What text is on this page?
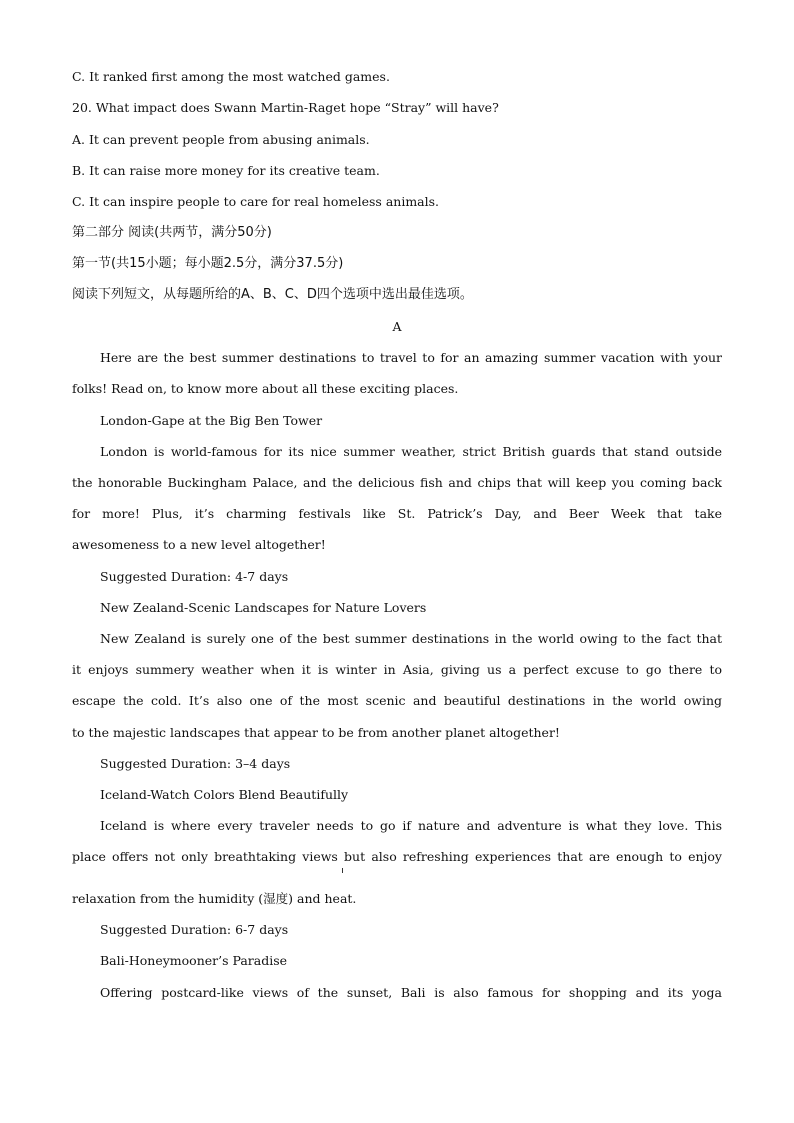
C. It ranked first among the most watched games.
20. What impact does Swann Martin-Raget hope “Stray” will have?
A. It can prevent people from abusing animals.
B. It can raise more money for its creative team.
C. It can inspire people to care for real homeless animals.
第二部分 阅读(共两节，满分50分)
第一节(共15小题；每小题2.5分，满分37.5分)
阅读下列短文，从每题所给的A、B、C、D四个选项中选出最佳选项。
A
Here are the best summer destinations to travel to for an amazing summer vacation with your
folks! Read on, to know more about all these exciting places.
London-Gape at the Big Ben Tower
London is world-famous for its nice summer weather, strict British guards that stand outside
the honorable Buckingham Palace, and the delicious fish and chips that will keep you coming back
for more! Plus, it’s charming festivals like St. Patrick’s Day, and Beer Week that take
awesomeness to a new level altogether!
Suggested Duration: 4-7 days
New Zealand-Scenic Landscapes for Nature Lovers
New Zealand is surely one of the best summer destinations in the world owing to the fact that
it enjoys summery weather when it is winter in Asia, giving us a perfect excuse to go there to
escape the cold. It’s also one of the most scenic and beautiful destinations in the world owing
to the majestic landscapes that appear to be from another planet altogether!
Suggested Duration: 3–4 days
Iceland-Watch Colors Blend Beautifully
Iceland is where every traveler needs to go if nature and adventure is what they love. This
place offers not only breathtaking views but also refreshing experiences that are enough to enjoy
relaxation from the humidity (湿度) and heat.
Suggested Duration: 6-7 days
Bali-Honeymooner’s Paradise
Offering postcard-like views of the sunset, Bali is also famous for shopping and its yoga
